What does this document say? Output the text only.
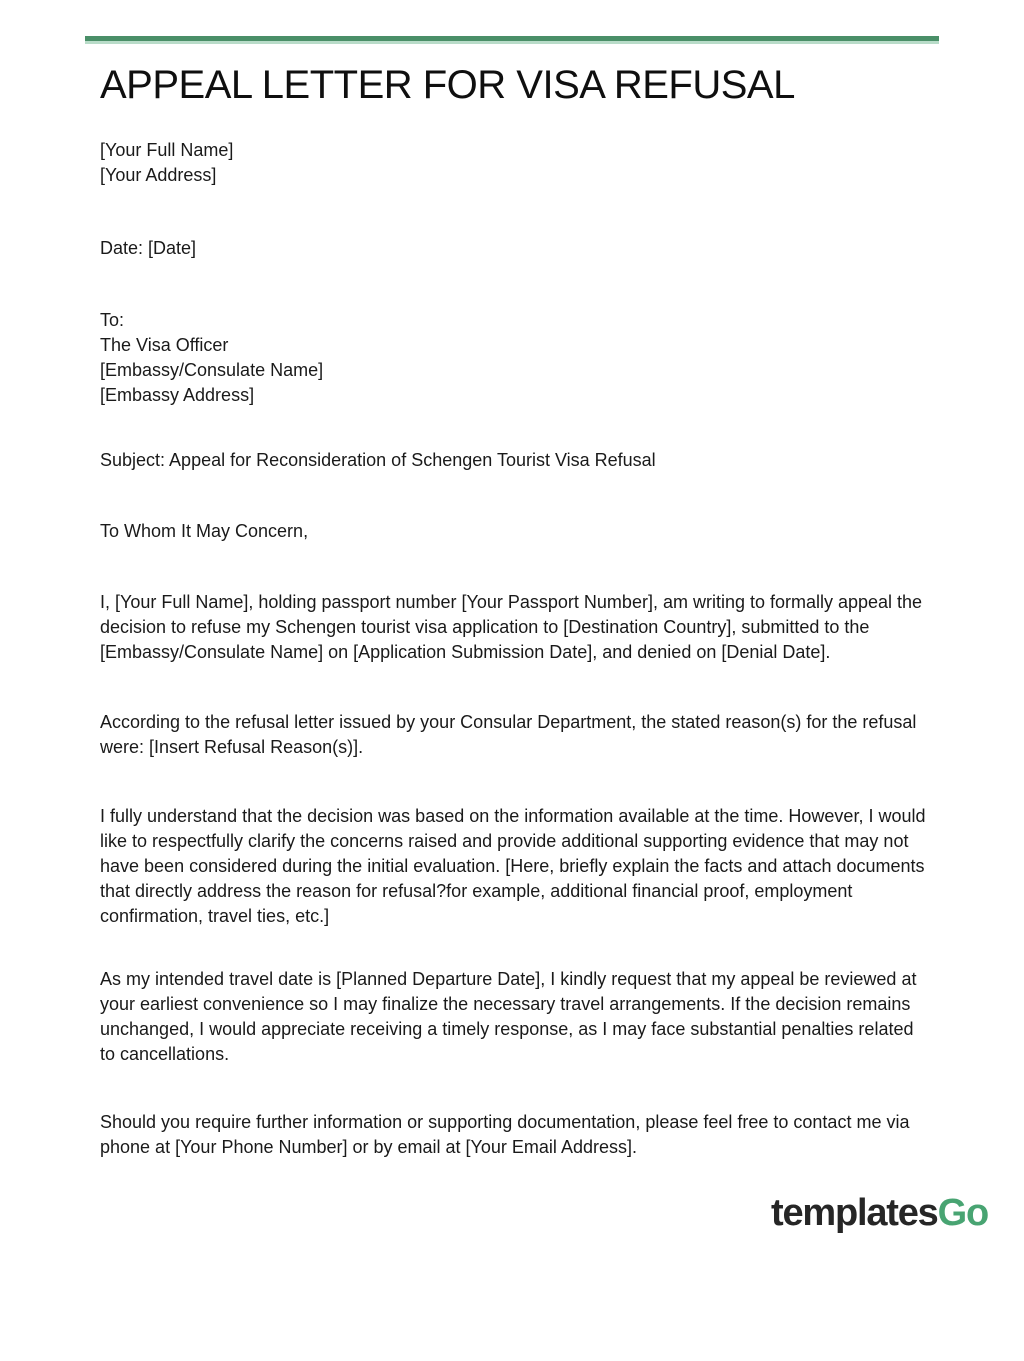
APPEAL LETTER FOR VISA REFUSAL

[Your Full Name]

[Your Address]

Date: [Date]

To:

The Visa Officer

[Embassy/Consulate Name]

[Embassy Address]

Subject: Appeal for Reconsideration of Schengen Tourist Visa Refusal

To Whom It May Concern,

I, [Your Full Name], holding passport number [Your Passport Number], am writing to formally appeal the decision to refuse my Schengen tourist visa application to [Destination Country], submitted to the [Embassy/Consulate Name] on [Application Submission Date], and denied on [Denial Date].

According to the refusal letter issued by your Consular Department, the stated reason(s) for the refusal were: [Insert Refusal Reason(s)].

I fully understand that the decision was based on the information available at the time. However, I would like to respectfully clarify the concerns raised and provide additional supporting evidence that may not have been considered during the initial evaluation. [Here, briefly explain the facts and attach documents that directly address the reason for refusal?for example, additional financial proof, employment confirmation, travel ties, etc.]

As my intended travel date is [Planned Departure Date], I kindly request that my appeal be reviewed at your earliest convenience so I may finalize the necessary travel arrangements. If the decision remains unchanged, I would appreciate receiving a timely response, as I may face substantial penalties related to cancellations.

Should you require further information or supporting documentation, please feel free to contact me via phone at [Your Phone Number] or by email at [Your Email Address].

templatesGo
